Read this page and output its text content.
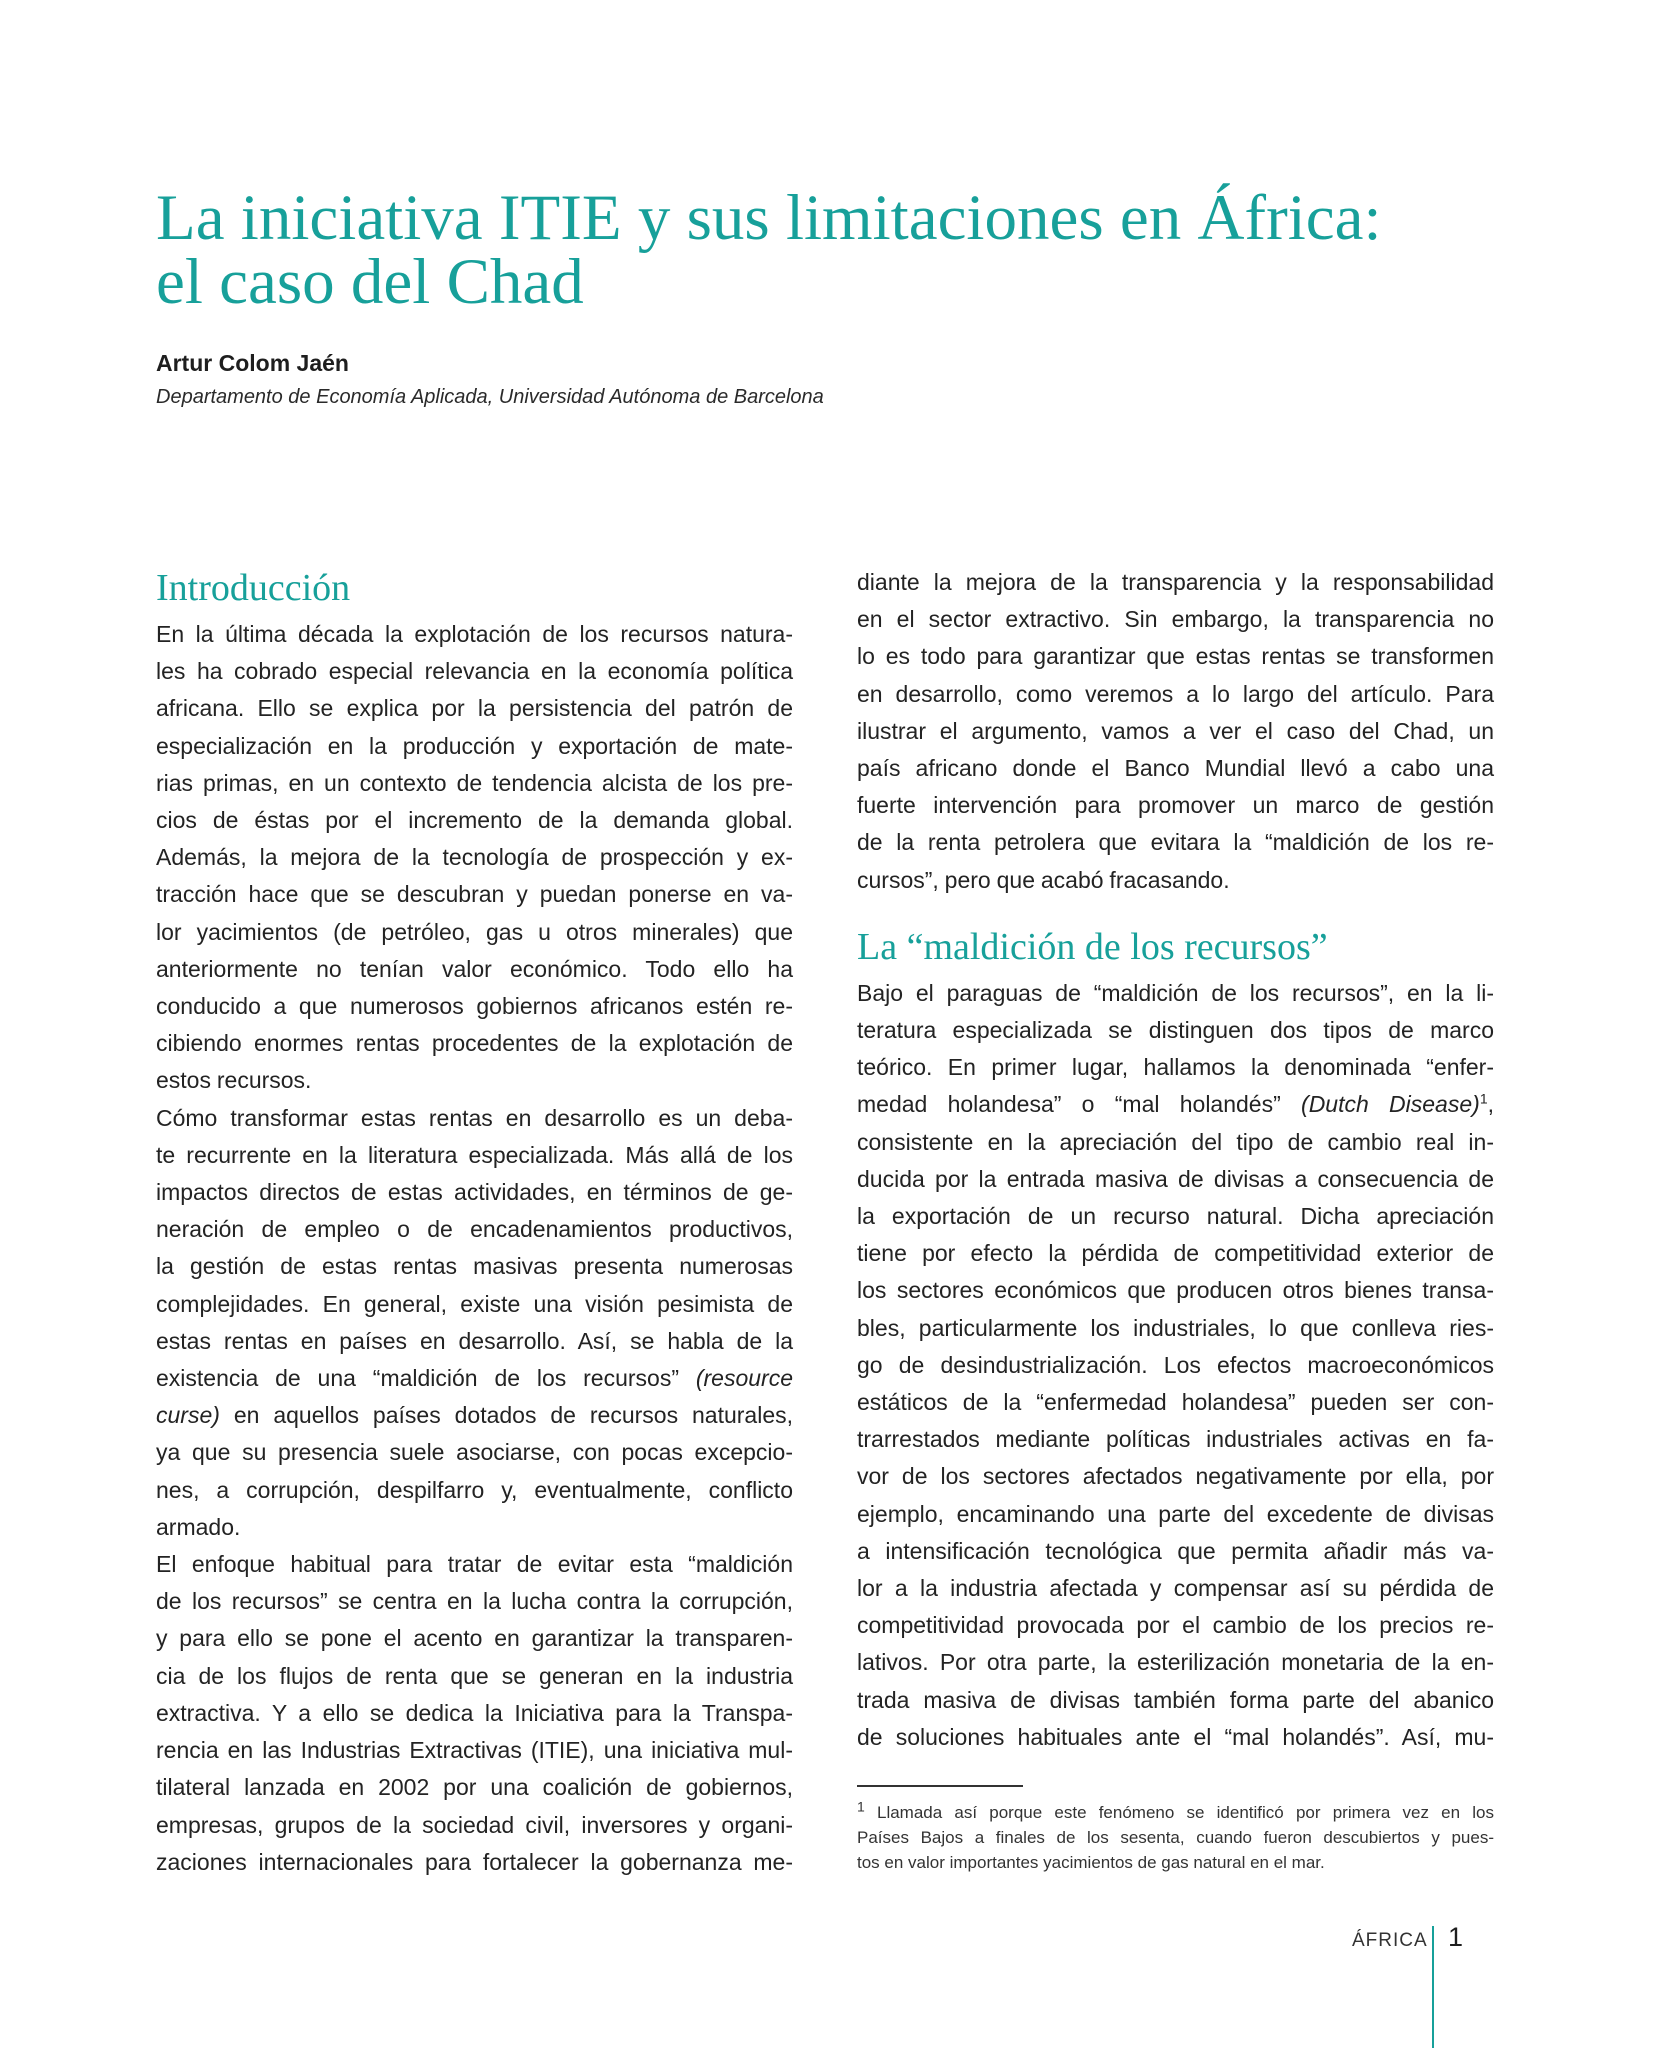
La iniciativa ITIE y sus limitaciones en África:
el caso del Chad
Artur Colom Jaén
Departamento de Economía Aplicada, Universidad Autónoma de Barcelona
Introducción

En la última década la explotación de los recursos natura-
les ha cobrado especial relevancia en la economía política
africana. Ello se explica por la persistencia del patrón de
especialización en la producción y exportación de mate-
rias primas, en un contexto de tendencia alcista de los pre-
cios de éstas por el incremento de la demanda global.
Además, la mejora de la tecnología de prospección y ex-
tracción hace que se descubran y puedan ponerse en va-
lor yacimientos (de petróleo, gas u otros minerales) que
anteriormente no tenían valor económico. Todo ello ha
conducido a que numerosos gobiernos africanos estén re-
cibiendo enormes rentas procedentes de la explotación de
estos recursos.

Cómo transformar estas rentas en desarrollo es un deba-
te recurrente en la literatura especializada. Más allá de los
impactos directos de estas actividades, en términos de ge-
neración de empleo o de encadenamientos productivos,
la gestión de estas rentas masivas presenta numerosas
complejidades. En general, existe una visión pesimista de
estas rentas en países en desarrollo. Así, se habla de la
existencia de una “maldición de los recursos” (resource
curse) en aquellos países dotados de recursos naturales,
ya que su presencia suele asociarse, con pocas excepcio-
nes, a corrupción, despilfarro y, eventualmente, conflicto
armado.

El enfoque habitual para tratar de evitar esta “maldición
de los recursos” se centra en la lucha contra la corrupción,
y para ello se pone el acento en garantizar la transparen-
cia de los flujos de renta que se generan en la industria
extractiva. Y a ello se dedica la Iniciativa para la Transpa-
rencia en las Industrias Extractivas (ITIE), una iniciativa mul-
tilateral lanzada en 2002 por una coalición de gobiernos,
empresas, grupos de la sociedad civil, inversores y organi-
zaciones internacionales para fortalecer la gobernanza me-

diante la mejora de la transparencia y la responsabilidad
en el sector extractivo. Sin embargo, la transparencia no
lo es todo para garantizar que estas rentas se transformen
en desarrollo, como veremos a lo largo del artículo. Para
ilustrar el argumento, vamos a ver el caso del Chad, un
país africano donde el Banco Mundial llevó a cabo una
fuerte intervención para promover un marco de gestión
de la renta petrolera que evitara la “maldición de los re-
cursos”, pero que acabó fracasando.

La “maldición de los recursos”

Bajo el paraguas de “maldición de los recursos”, en la li-
teratura especializada se distinguen dos tipos de marco
teórico. En primer lugar, hallamos la denominada “enfer-
medad holandesa” o “mal holandés” (Dutch Disease)$^1$,
consistente en la apreciación del tipo de cambio real in-
ducida por la entrada masiva de divisas a consecuencia de
la exportación de un recurso natural. Dicha apreciación
tiene por efecto la pérdida de competitividad exterior de
los sectores económicos que producen otros bienes transa-
bles, particularmente los industriales, lo que conlleva ries-
go de desindustrialización. Los efectos macroeconómicos
estáticos de la “enfermedad holandesa” pueden ser con-
trarrestados mediante políticas industriales activas en fa-
vor de los sectores afectados negativamente por ella, por
ejemplo, encaminando una parte del excedente de divisas
a intensificación tecnológica que permita añadir más va-
lor a la industria afectada y compensar así su pérdida de
competitividad provocada por el cambio de los precios re-
lativos. Por otra parte, la esterilización monetaria de la en-
trada masiva de divisas también forma parte del abanico
de soluciones habituales ante el “mal holandés”. Así, mu-

$^1$ Llamada así porque este fenómeno se identificó por primera vez en los
Países Bajos a finales de los sesenta, cuando fueron descubiertos y pues-
tos en valor importantes yacimientos de gas natural en el mar.
ÁFRICA 1
